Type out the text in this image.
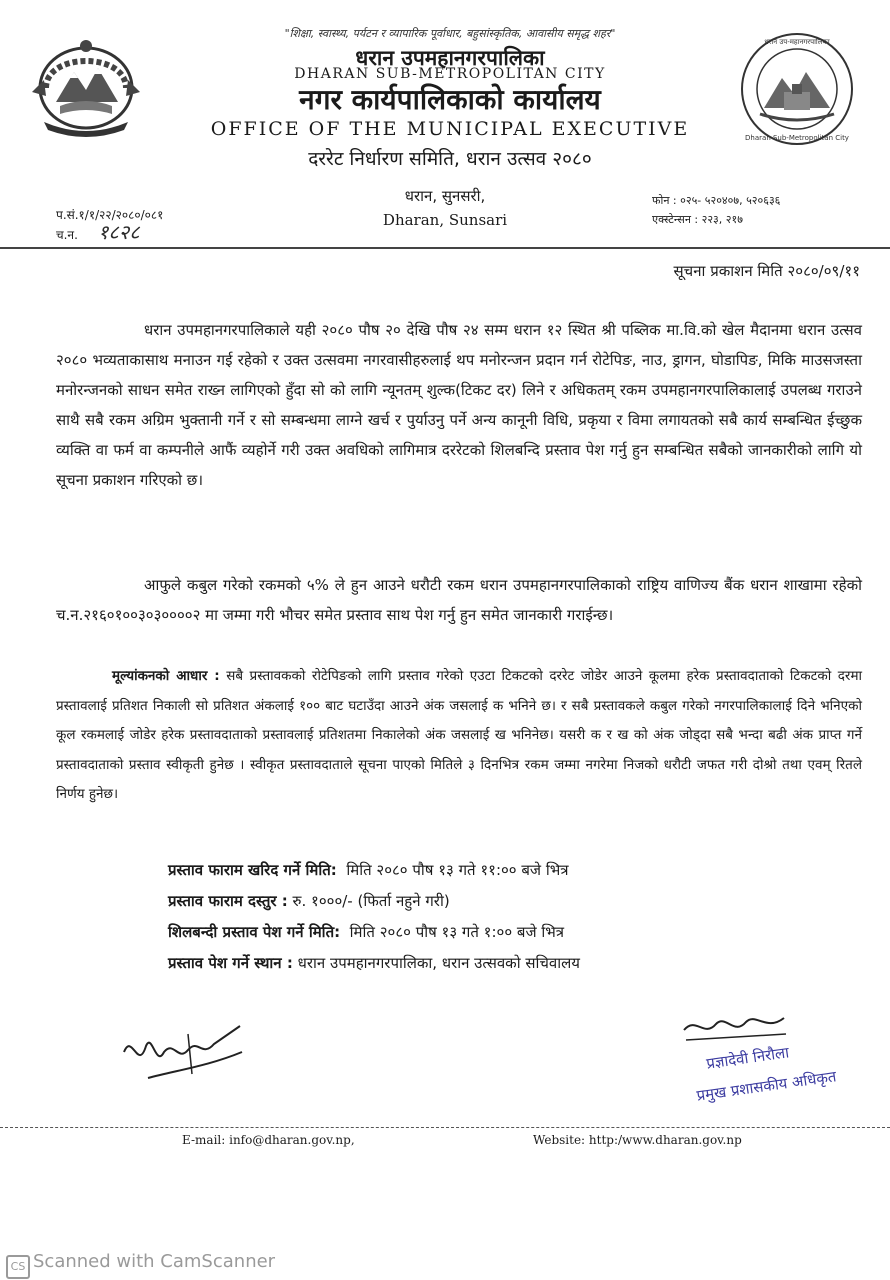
धरान उप-महानगरपालिका
Dharan Sub-Metropolitan City
"शिक्षा, स्वास्थ्य, पर्यटन र व्यापारिक पूर्वाधार, बहुसांस्कृतिक, आवासीय समृद्ध शहर"
धरान उपमहानगरपालिका
DHARAN SUB-METROPOLITAN CITY
नगर कार्यपालिकाको कार्यालय
OFFICE OF THE MUNICIPAL EXECUTIVE
दररेट निर्धारण समिति, धरान उत्सव २०८०
धरान, सुनसरी,
Dharan, Sunsari
प.सं.१/१/२२/२०८०/०८१
च.न. १८२८
फोन : ०२५- ५२०४०७, ५२०६३६
एक्स्टेन्सन : २२३, २१७
सूचना प्रकाशन मिति २०८०/०९/११
धरान उपमहानगरपालिकाले यही २०८० पौष २० देखि पौष २४ सम्म धरान १२ स्थित श्री पब्लिक मा.वि.को खेल मैदानमा धरान उत्सव २०८० भव्यताकासाथ मनाउन गई रहेको र उक्त उत्सवमा नगरवासीहरुलाई थप मनोरन्जन प्रदान गर्न रोटेपिङ, नाउ, ड्रागन, घोडापिङ, मिकि माउसजस्ता मनोरन्जनको साधन समेत राख्न लागिएको हुँदा सो को लागि न्यूनतम् शुल्क(टिकट दर) लिने र अधिकतम् रकम उपमहानगरपालिकालाई उपलब्ध गराउने साथै सबै रकम अग्रिम भुक्तानी गर्ने र सो सम्बन्धमा लाग्ने खर्च र पुर्याउनु पर्ने अन्य कानूनी विधि, प्रकृया र विमा लगायतको सबै कार्य सम्बन्धित ईच्छुक व्यक्ति वा फर्म वा कम्पनीले आफैं व्यहोर्ने गरी उक्त अवधिको लागिमात्र दररेटको शिलबन्दि प्रस्ताव पेश गर्नु हुन सम्बन्धित सबैको जानकारीको लागि यो सूचना प्रकाशन गरिएको छ।
आफुले कबुल गरेको रकमको ५% ले हुन आउने धरौटी रकम धरान उपमहानगरपालिकाको राष्ट्रिय वाणिज्य बैंक धरान शाखामा रहेको च.न.२१६०१००३०३००००२ मा जम्मा गरी भौचर समेत प्रस्ताव साथ पेश गर्नु हुन समेत जानकारी गराईन्छ।
मूल्यांकनको आधार : सबै प्रस्तावकको रोटेपिङको लागि प्रस्ताव गरेको एउटा टिकटको दररेट जोडेर आउने कूलमा हरेक प्रस्तावदाताको टिकटको दरमा प्रस्तावलाई प्रतिशत निकाली सो प्रतिशत अंकलाई १०० बाट घटाउँदा आउने अंक जसलाई क भनिने छ। र सबै प्रस्तावकले कबुल गरेको नगरपालिकालाई दिने भनिएको कूल रकमलाई जोडेर हरेक प्रस्तावदाताको प्रस्तावलाई प्रतिशतमा निकालेको अंक जसलाई ख भनिनेछ। यसरी क र ख को अंक जोड्दा सबै भन्दा बढी अंक प्राप्त गर्ने प्रस्तावदाताको प्रस्ताव स्वीकृती हुनेछ । स्वीकृत प्रस्तावदाताले सूचना पाएको मितिले ३ दिनभित्र रकम जम्मा नगरेमा निजको धरौटी जफत गरी दोश्रो तथा एवम् रितले निर्णय हुनेछ।
प्रस्ताव फाराम खरिद गर्ने मिति: मिति २०८० पौष १३ गते ११:०० बजे भित्र
प्रस्ताव फाराम दस्तुर : रु. १०००/- (फिर्ता नहुने गरी)
शिलबन्दी प्रस्ताव पेश गर्ने मिति: मिति २०८० पौष १३ गते १:०० बजे भित्र
प्रस्ताव पेश गर्ने स्थान : धरान उपमहानगरपालिका, धरान उत्सवको सचिवालय
प्रज्ञादेवी निरौला
प्रमुख प्रशासकीय अधिकृत
E-mail: info@dharan.gov.np,	Website: http:/www.dharan.gov.np
CS Scanned with CamScanner
